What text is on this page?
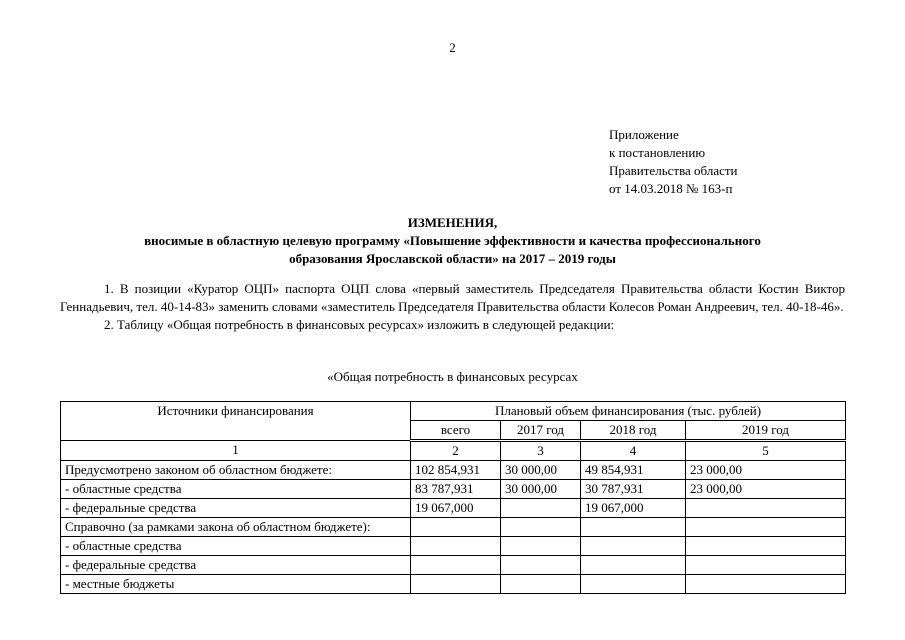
2
Приложение
к постановлению
Правительства области
от 14.03.2018 № 163-п
ИЗМЕНЕНИЯ,
вносимые в областную целевую программу «Повышение эффективности и качества профессионального
образования Ярославской области» на 2017 – 2019 годы

1. В позиции «Куратор ОЦП» паспорта ОЦП слова «первый заместитель Председателя Правительства области Костин Виктор Геннадьевич, тел. 40-14-83» заменить словами «заместитель Председателя Правительства области Колесов Роман Андреевич, тел. 40-18-46».

2. Таблицу «Общая потребность в финансовых ресурсах» изложить в следующей редакции:

«Общая потребность в финансовых ресурсах
Источники финансирования	Плановый объем финансирования (тыс. рублей)			
	всего	2017 год	2018 год	2019 год
1	2	3	4	5
Предусмотрено законом об областном бюджете:	102 854,931	30 000,00	49 854,931	23 000,00
- областные средства	83 787,931	30 000,00	30 787,931	23 000,00
- федеральные средства	19 067,000		19 067,000	
Справочно (за рамками закона об областном бюджете):				
- областные средства				
- федеральные средства				
- местные бюджеты				
